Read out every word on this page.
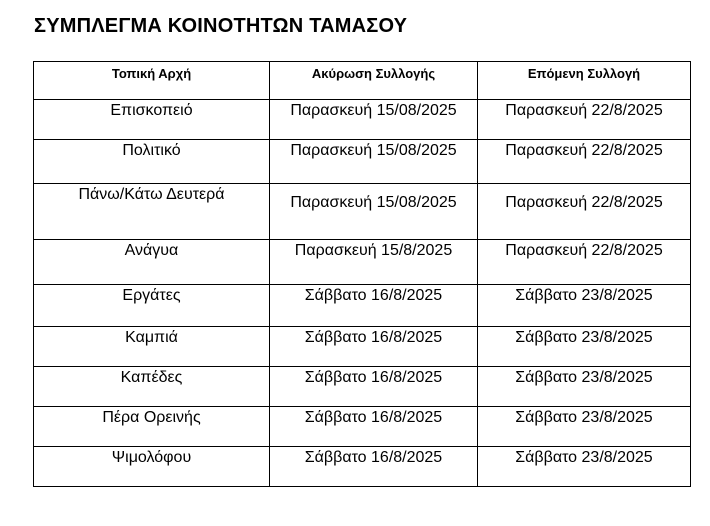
ΣΥΜΠΛΕΓΜΑ ΚΟΙΝΟΤΗΤΩΝ ΤΑΜΑΣΟΥ
Τοπική Αρχή	Ακύρωση Συλλογής	Επόμενη Συλλογή
Επισκοπειό	Παρασκευή 15/08/2025	Παρασκευή 22/8/2025
Πολιτικό	Παρασκευή 15/08/2025	Παρασκευή 22/8/2025
Πάνω/Κάτω Δευτερά	Παρασκευή 15/08/2025	Παρασκευή 22/8/2025
Ανάγυα	Παρασκευή 15/8/2025	Παρασκευή 22/8/2025
Εργάτες	Σάββατο 16/8/2025	Σάββατο 23/8/2025
Καμπιά	Σάββατο 16/8/2025	Σάββατο 23/8/2025
Καπέδες	Σάββατο 16/8/2025	Σάββατο 23/8/2025
Πέρα Ορεινής	Σάββατο 16/8/2025	Σάββατο 23/8/2025
Ψιμολόφου	Σάββατο 16/8/2025	Σάββατο 23/8/2025
